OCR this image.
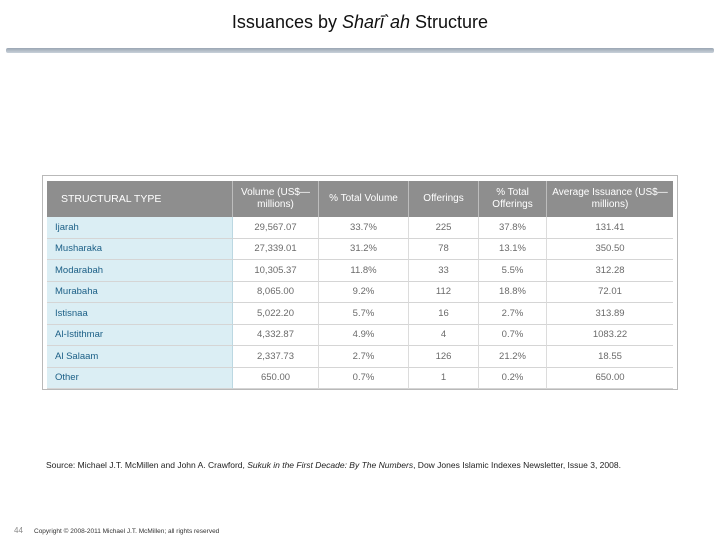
Issuances by Sharī`ah Structure
STRUCTURAL TYPE	Volume (US$—millions)	% Total Volume	Offerings	% Total Offerings	Average Issuance (US$—millions)
Ijarah	29,567.07	33.7%	225	37.8%	131.41
Musharaka	27,339.01	31.2%	78	13.1%	350.50
Modarabah	10,305.37	11.8%	33	5.5%	312.28
Murabaha	8,065.00	9.2%	112	18.8%	72.01
Istisnaa	5,022.20	5.7%	16	2.7%	313.89
Al-Istithmar	4,332.87	4.9%	4	0.7%	1083.22
Al Salaam	2,337.73	2.7%	126	21.2%	18.55
Other	650.00	0.7%	1	0.2%	650.00
Source: Michael J.T. McMillen and John A. Crawford, Sukuk in the First Decade: By The Numbers, Dow Jones Islamic Indexes Newsletter, Issue 3, 2008.
44 Copyright © 2008-2011 Michael J.T. McMillen; all rights reserved
